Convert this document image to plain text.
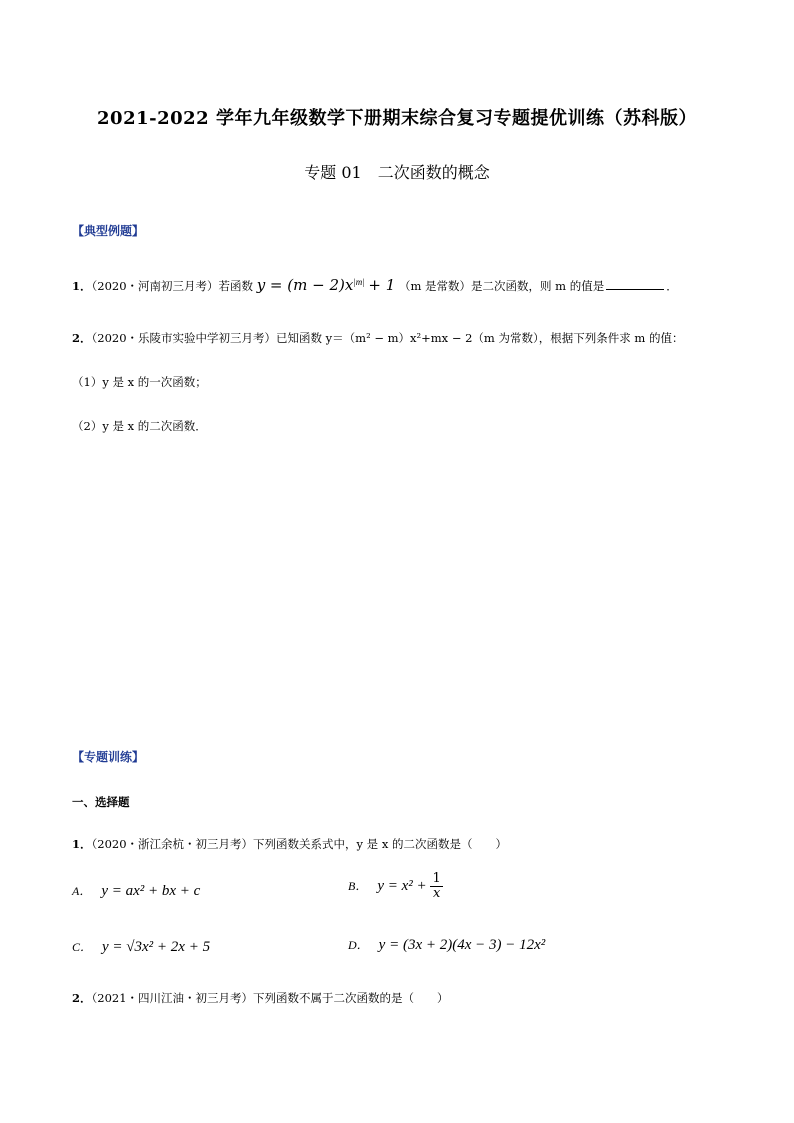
2021-2022 学年九年级数学下册期末综合复习专题提优训练（苏科版）
专题 01　二次函数的概念
【典型例题】
1．（2020・河南初三月考）若函数 $y = (m - 2)x^{|m|} + 1$ （m 是常数）是二次函数，则 m 的值是	．
2．（2020・乐陵市实验中学初三月考）已知函数 y＝（m² − m）x²+mx − 2（m 为常数），根据下列条件求 m 的值：
（1）y 是 x 的一次函数；
（2）y 是 x 的二次函数．
【专题训练】
一、选择题
1．（2020・浙江余杭・初三月考）下列函数关系式中，y 是 x 的二次函数是（　　）
A． y = ax² + bx + c	B． $y = x^2 + \frac{1}{x}$
C． y = √3x² + 2x + 5	D． y = (3x + 2)(4x − 3) − 12x²
2．（2021・四川江油・初三月考）下列函数不属于二次函数的是（　　）
